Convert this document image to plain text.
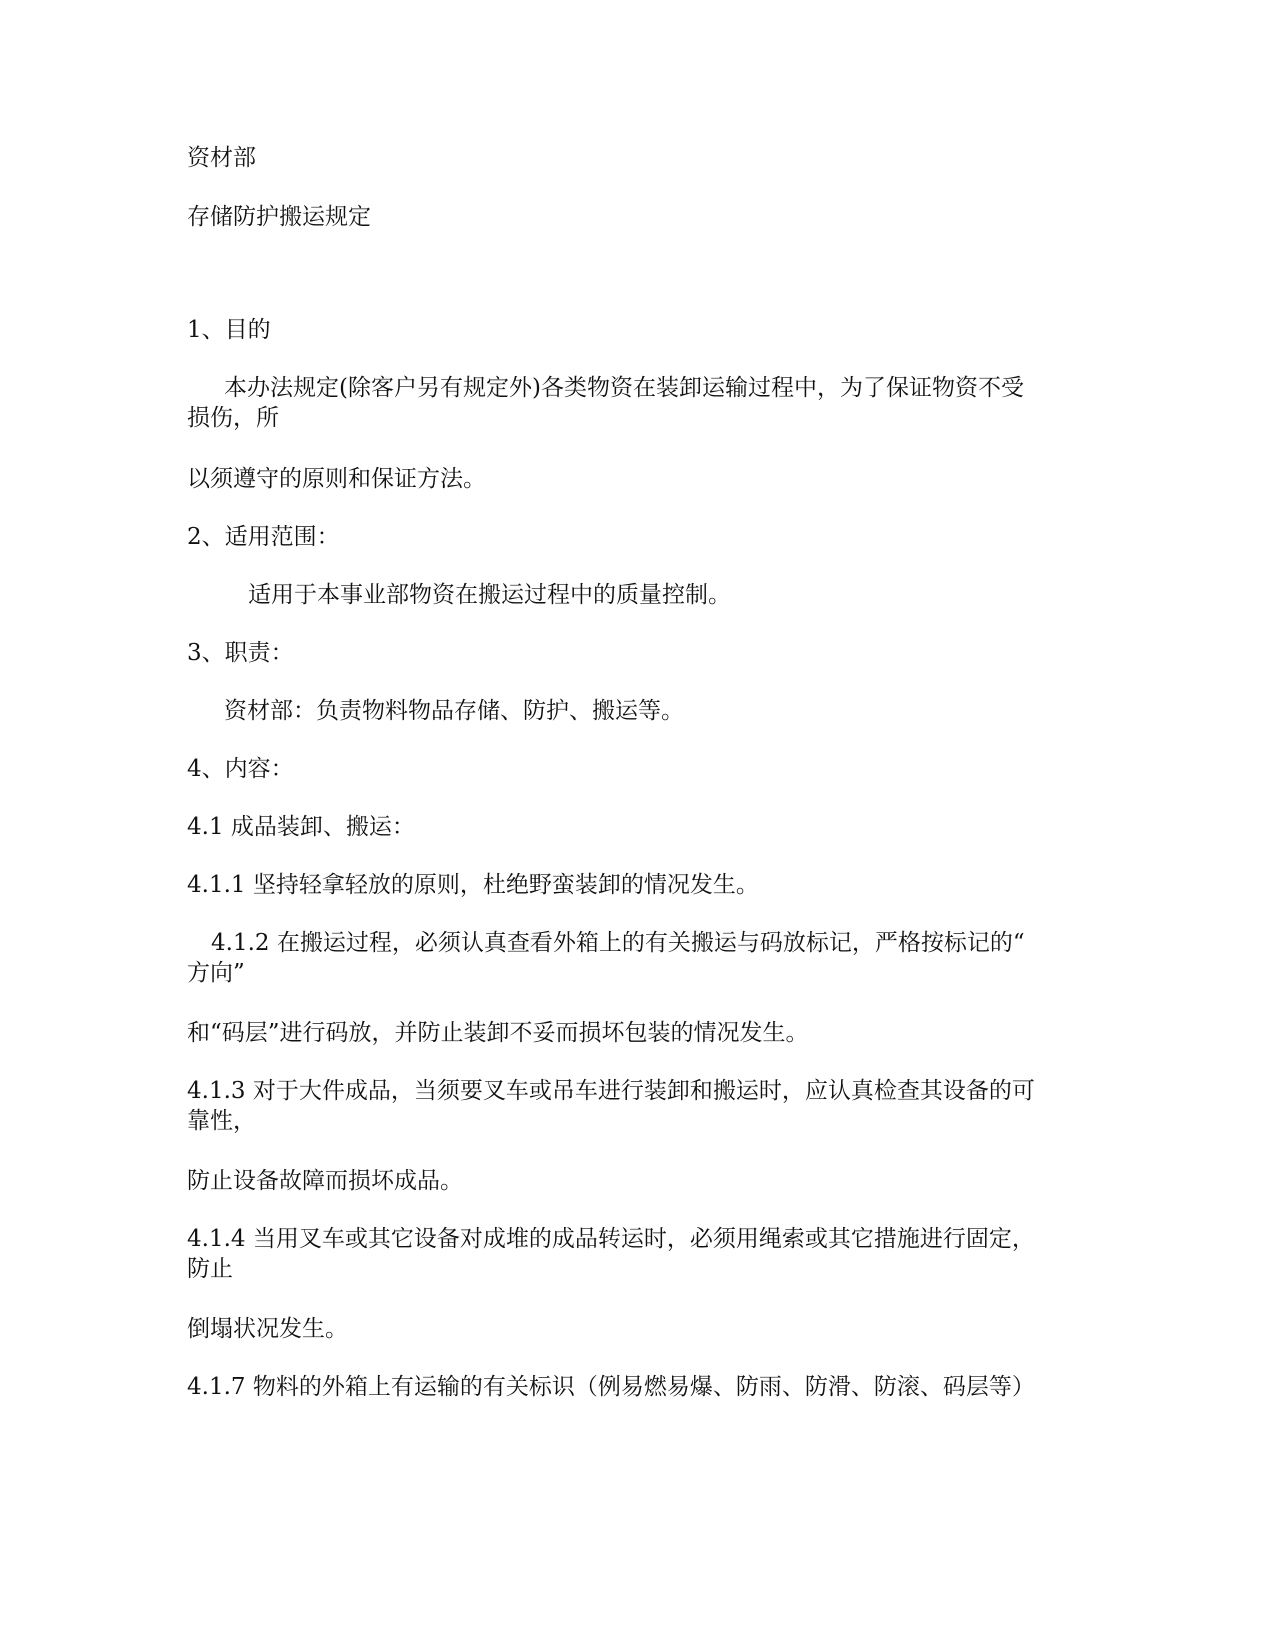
资材部

存储防护搬运规定

1、目的

本办法规定(除客户另有规定外)各类物资在装卸运输过程中，为了保证物资不受
损伤，所

以须遵守的原则和保证方法。

2、适用范围：

适用于本事业部物资在搬运过程中的质量控制。

3、职责：

资材部：负责物料物品存储、防护、搬运等。

4、内容：

4.1 成品装卸、搬运：

4.1.1 坚持轻拿轻放的原则，杜绝野蛮装卸的情况发生。

4.1.2 在搬运过程，必须认真查看外箱上的有关搬运与码放标记，严格按标记的“
方向”

和“码层”进行码放，并防止装卸不妥而损坏包装的情况发生。

4.1.3 对于大件成品，当须要叉车或吊车进行装卸和搬运时，应认真检查其设备的可
靠性，

防止设备故障而损坏成品。

4.1.4 当用叉车或其它设备对成堆的成品转运时，必须用绳索或其它措施进行固定，
防止

倒塌状况发生。

4.1.7 物料的外箱上有运输的有关标识（例易燃易爆、防雨、防滑、防滚、码层等）
